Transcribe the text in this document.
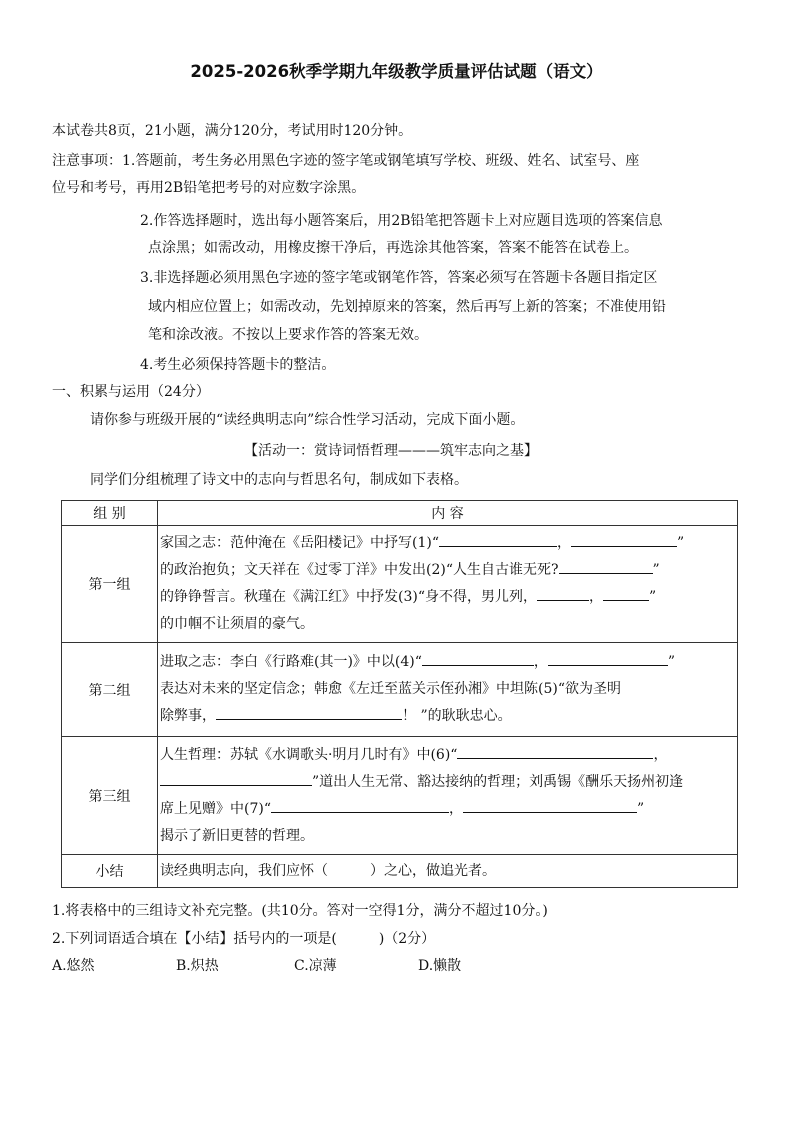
2025-2026秋季学期九年级教学质量评估试题（语文）
本试卷共8页，21小题，满分120分，考试用时120分钟。
注意事项：1.答题前，考生务必用黑色字迹的签字笔或钢笔填写学校、班级、姓名、试室号、座
位号和考号，再用2B铅笔把考号的对应数字涂黑。
2.作答选择题时，选出每小题答案后，用2B铅笔把答题卡上对应题目选项的答案信息
点涂黑；如需改动，用橡皮擦干净后，再选涂其他答案，答案不能答在试卷上。
3.非选择题必须用黑色字迹的签字笔或钢笔作答，答案必须写在答题卡各题目指定区
域内相应位置上；如需改动，先划掉原来的答案，然后再写上新的答案；不准使用铅
笔和涂改液。不按以上要求作答的答案无效。
4.考生必须保持答题卡的整洁。
一、积累与运用（24分）
请你参与班级开展的“读经典明志向”综合性学习活动，完成下面小题。
【活动一：赏诗词悟哲理———筑牢志向之基】
同学们分组梳理了诗文中的志向与哲思名句，制成如下表格。
组 别	内 容
第一组	家国之志：范仲淹在《岳阳楼记》中抒写(1)“ ， ”
的政治抱负；文天祥在《过零丁洋》中发出(2)“人生自古谁无死? ”
的铮铮誓言。秋瑾在《满江红》中抒发(3)“身不得，男儿列， ， ”
的巾帼不让须眉的豪气。

第二组	进取之志：李白《行路难(其一)》中以(4)“ ， ”
表达对未来的坚定信念；韩愈《左迁至蓝关示侄孙湘》中坦陈(5)“欲为圣明
除弊事， ！ ”的耿耿忠心。

第三组	人生哲理：苏轼《水调歌头·明月几时有》中(6)“ ，
”道出人生无常、豁达接纳的哲理；刘禹锡《酬乐天扬州初逢
席上见赠》中(7)“ ， ”
揭示了新旧更替的哲理。

小结	读经典明志向，我们应怀（　　　）之心，做追光者。
1.将表格中的三组诗文补充完整。(共10分。答对一空得1分，满分不超过10分。)
2.下列词语适合填在【小结】括号内的一项是(　　　)（2分）
A.悠然	B.炽热	C.凉薄	D.懒散
